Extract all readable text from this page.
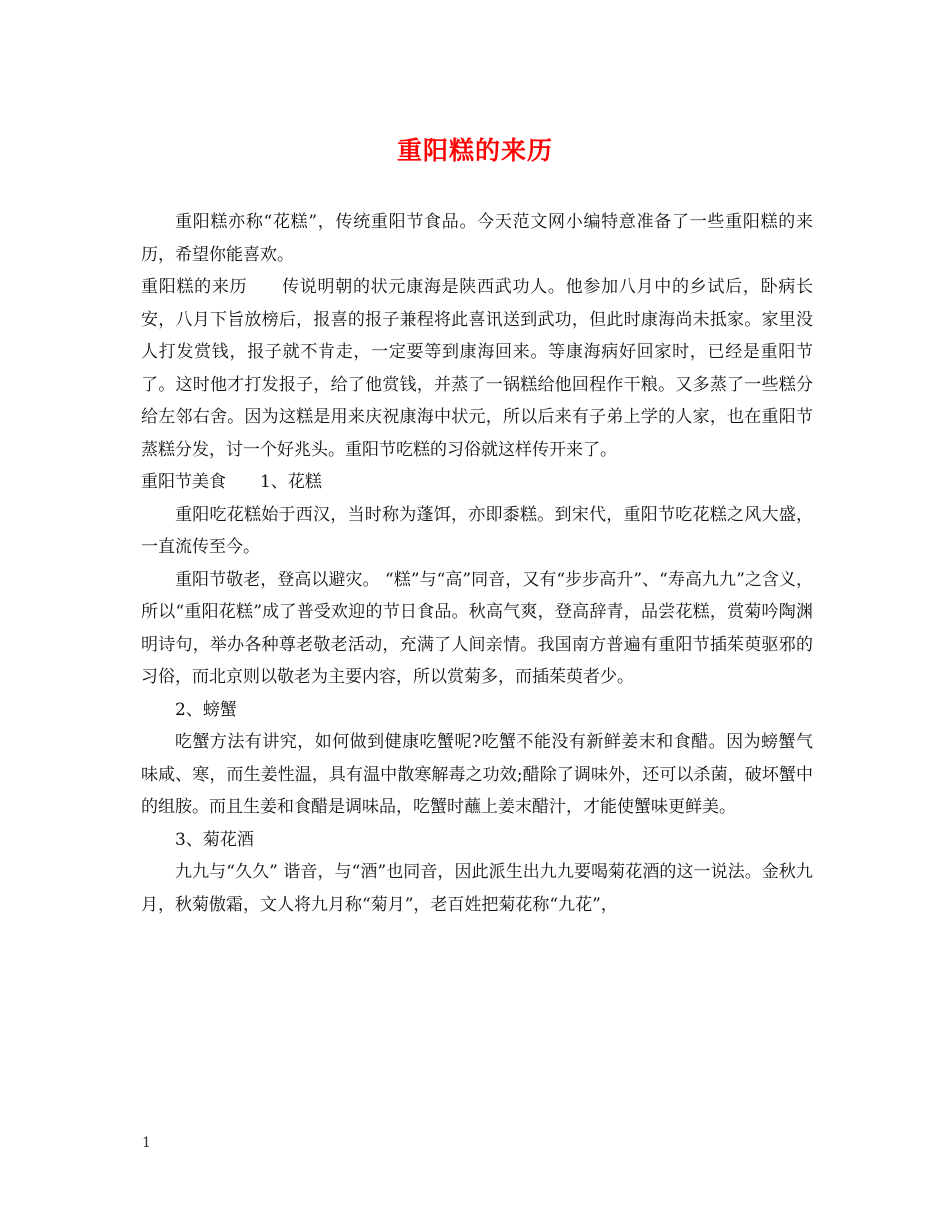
重阳糕的来历

重阳糕亦称“花糕”，传统重阳节食品。今天范文网小编特意准备了一些重阳糕的来历，希望你能喜欢。

重阳糕的来历 传说明朝的状元康海是陕西武功人。他参加八月中的乡试后，卧病长安，八月下旨放榜后，报喜的报子兼程将此喜讯送到武功，但此时康海尚未抵家。家里没人打发赏钱，报子就不肯走，一定要等到康海回来。等康海病好回家时，已经是重阳节了。这时他才打发报子，给了他赏钱，并蒸了一锅糕给他回程作干粮。又多蒸了一些糕分给左邻右舍。因为这糕是用来庆祝康海中状元，所以后来有子弟上学的人家，也在重阳节蒸糕分发，讨一个好兆头。重阳节吃糕的习俗就这样传开来了。

重阳节美食 1、花糕

重阳吃花糕始于西汉，当时称为蓬饵，亦即黍糕。到宋代，重阳节吃花糕之风大盛，一直流传至今。

重阳节敬老，登高以避灾。 “糕”与“高”同音，又有“步步高升”、“寿高九九”之含义，所以“重阳花糕”成了普受欢迎的节日食品。秋高气爽，登高辞青，品尝花糕，赏菊吟陶渊明诗句，举办各种尊老敬老活动，充满了人间亲情。我国南方普遍有重阳节插茱萸驱邪的习俗，而北京则以敬老为主要内容，所以赏菊多，而插茱萸者少。

2、螃蟹

吃蟹方法有讲究，如何做到健康吃蟹呢?吃蟹不能没有新鲜姜末和食醋。因为螃蟹气味咸、寒，而生姜性温，具有温中散寒解毒之功效;醋除了调味外，还可以杀菌，破坏蟹中的组胺。而且生姜和食醋是调味品，吃蟹时蘸上姜末醋汁，才能使蟹味更鲜美。

3、菊花酒

九九与“久久” 谐音，与“酒”也同音，因此派生出九九要喝菊花酒的这一说法。金秋九月，秋菊傲霜，文人将九月称“菊月”，老百姓把菊花称“九花”，

1
